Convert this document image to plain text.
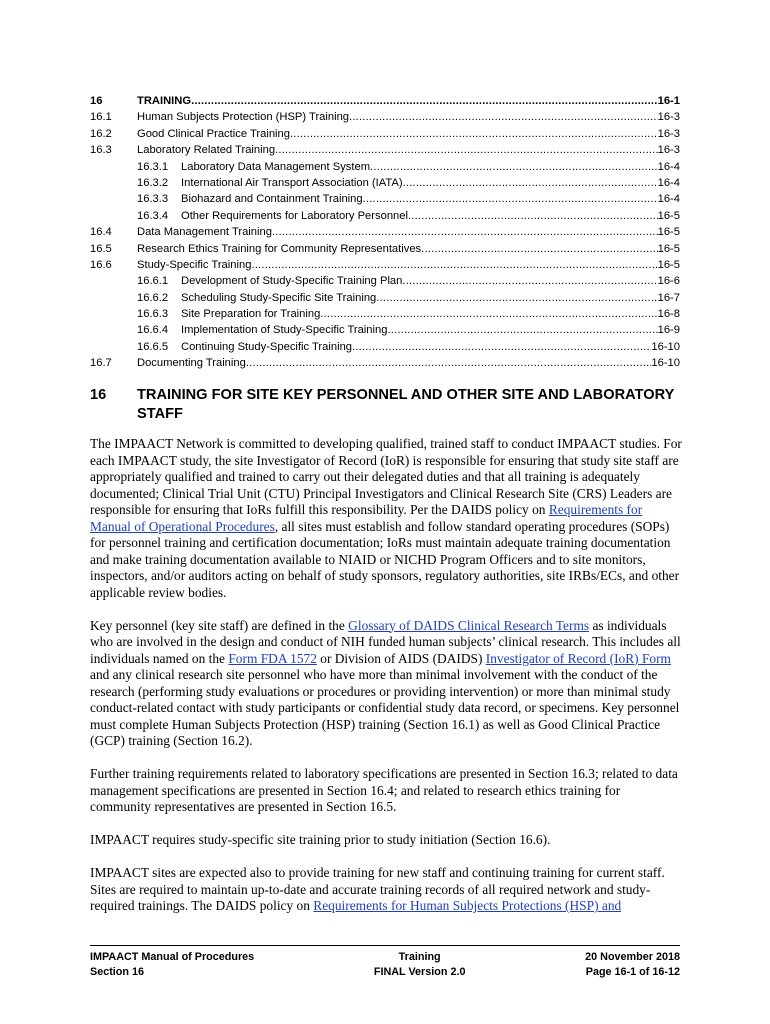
16	TRAINING .....	16-1
16.1	Human Subjects Protection (HSP) Training .....	16-3
16.2	Good Clinical Practice Training .....	16-3
16.3	Laboratory Related Training .....	16-3
16.3.1	Laboratory Data Management System .....	16-4
16.3.2	International Air Transport Association (IATA) .....	16-4
16.3.3	Biohazard and Containment Training .....	16-4
16.3.4	Other Requirements for Laboratory Personnel .....	16-5
16.4	Data Management Training .....	16-5
16.5	Research Ethics Training for Community Representatives .....	16-5
16.6	Study-Specific Training .....	16-5
16.6.1	Development of Study-Specific Training Plan .....	16-6
16.6.2	Scheduling Study-Specific Site Training .....	16-7
16.6.3	Site Preparation for Training .....	16-8
16.6.4	Implementation of Study-Specific Training .....	16-9
16.6.5	Continuing Study-Specific Training .....	16-10
16.7	Documenting Training .....	16-10
16	TRAINING FOR SITE KEY PERSONNEL AND OTHER SITE AND LABORATORY STAFF

The IMPAACT Network is committed to developing qualified, trained staff to conduct IMPAACT studies. For each IMPAACT study, the site Investigator of Record (IoR) is responsible for ensuring that study site staff are appropriately qualified and trained to carry out their delegated duties and that all training is adequately documented; Clinical Trial Unit (CTU) Principal Investigators and Clinical Research Site (CRS) Leaders are responsible for ensuring that IoRs fulfill this responsibility. Per the DAIDS policy on Requirements for Manual of Operational Procedures, all sites must establish and follow standard operating procedures (SOPs) for personnel training and certification documentation; IoRs must maintain adequate training documentation and make training documentation available to NIAID or NICHD Program Officers and to site monitors, inspectors, and/or auditors acting on behalf of study sponsors, regulatory authorities, site IRBs/ECs, and other applicable review bodies.

Key personnel (key site staff) are defined in the Glossary of DAIDS Clinical Research Terms as individuals who are involved in the design and conduct of NIH funded human subjects’ clinical research. This includes all individuals named on the Form FDA 1572 or Division of AIDS (DAIDS) Investigator of Record (IoR) Form and any clinical research site personnel who have more than minimal involvement with the conduct of the research (performing study evaluations or procedures or providing intervention) or more than minimal study conduct-related contact with study participants or confidential study data record, or specimens. Key personnel must complete Human Subjects Protection (HSP) training (Section 16.1) as well as Good Clinical Practice (GCP) training (Section 16.2).

Further training requirements related to laboratory specifications are presented in Section 16.3; related to data management specifications are presented in Section 16.4; and related to research ethics training for community representatives are presented in Section 16.5.

IMPAACT requires study-specific site training prior to study initiation (Section 16.6).

IMPAACT sites are expected also to provide training for new staff and continuing training for current staff. Sites are required to maintain up-to-date and accurate training records of all required network and study-required trainings. The DAIDS policy on Requirements for Human Subjects Protections (HSP) and

IMPAACT Manual of Procedures
Section 16
Training
FINAL Version 2.0
20 November 2018
Page 16-1 of 16-12
